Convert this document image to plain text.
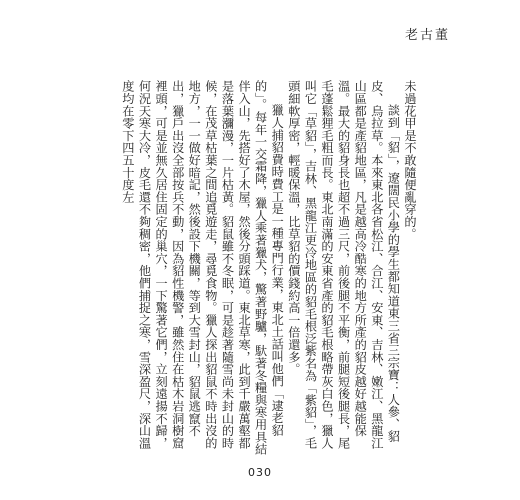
老古董

未過花甲是不敢隨便亂穿的。

談到「貂」，遼闊民小學的學生都知道東三省三宗寶：人參、貂皮、烏拉草。本來東北各省松江、合江、安東、吉林、嫩江、黑龍江山區都是產貂地區，凡是越高冷酷寒的地方所產的貂皮越好越能保溫。最大的貂身長也超不過三尺，前後腿不平衡，前腿短後腿長，尾毛蓬鬆狸毛粗而長。東北南滿的安東省產的貂毛根略帶灰白色，獵人叫它「草貂」，吉林、黑龍江更冷地區的貂毛根泛紫名為「紫貂」，毛頭細軟厚密，輕暖保溫，比草貂的價錢約高一倍還多。

獵人捕貂費時費工是一種專門行業，東北土話叫他們「逮老貂的」。每年一交霜降，獵人乘著獵犬，驚著野驢，馱著冬糧與寒用具結伴入山，先搭好了木屋，然後分頭踩道。東北草寒，此到千嚴萬壑都是落葉瀰漫，一片枯黃。貂鼠雖不冬眠，可是趁著隨雪尚未封山的時候，在茂草枯葉之間追覓遊走，尋覓食物。獵人探出貂鼠不時出沒的地方，一一做好暗記，然後設下機關，等到大雪封山，貂鼠逃竄不出，獵戶出沒全部按兵不動，因為貂性機警，雖然住在枯木岩洞樹窟裡頭，可是並無久居住固定的巢穴，一下驚著它們，立刻遠揚不歸，何況天寒大冷，皮毛還不夠稠密，他們捕捉之寒，雪深盈尺，深山溫度均在零下四五十度左

030
